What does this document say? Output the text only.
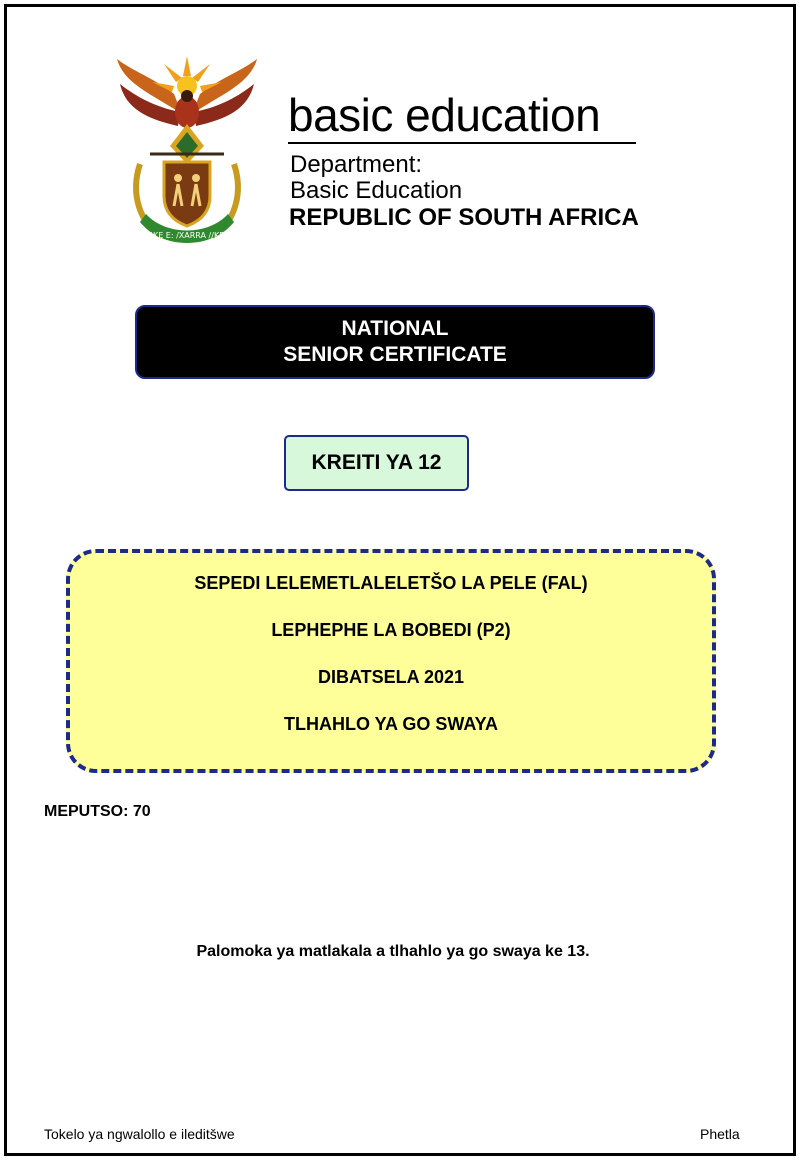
!KE E: /XARRA //KE
basic education
Department:
Basic Education
REPUBLIC OF SOUTH AFRICA
NATIONAL
SENIOR CERTIFICATE
KREITI YA 12
SEPEDI LELEMETLALELETŠO LA PELE (FAL)
LEPHEPHE LA BOBEDI (P2)
DIBATSELA 2021
TLHAHLO YA GO SWAYA
MEPUTSO: 70
Palomoka ya matlakala a tlhahlo ya go swaya ke 13.
Tokelo ya ngwalollo e ileditšwe	Phetla
